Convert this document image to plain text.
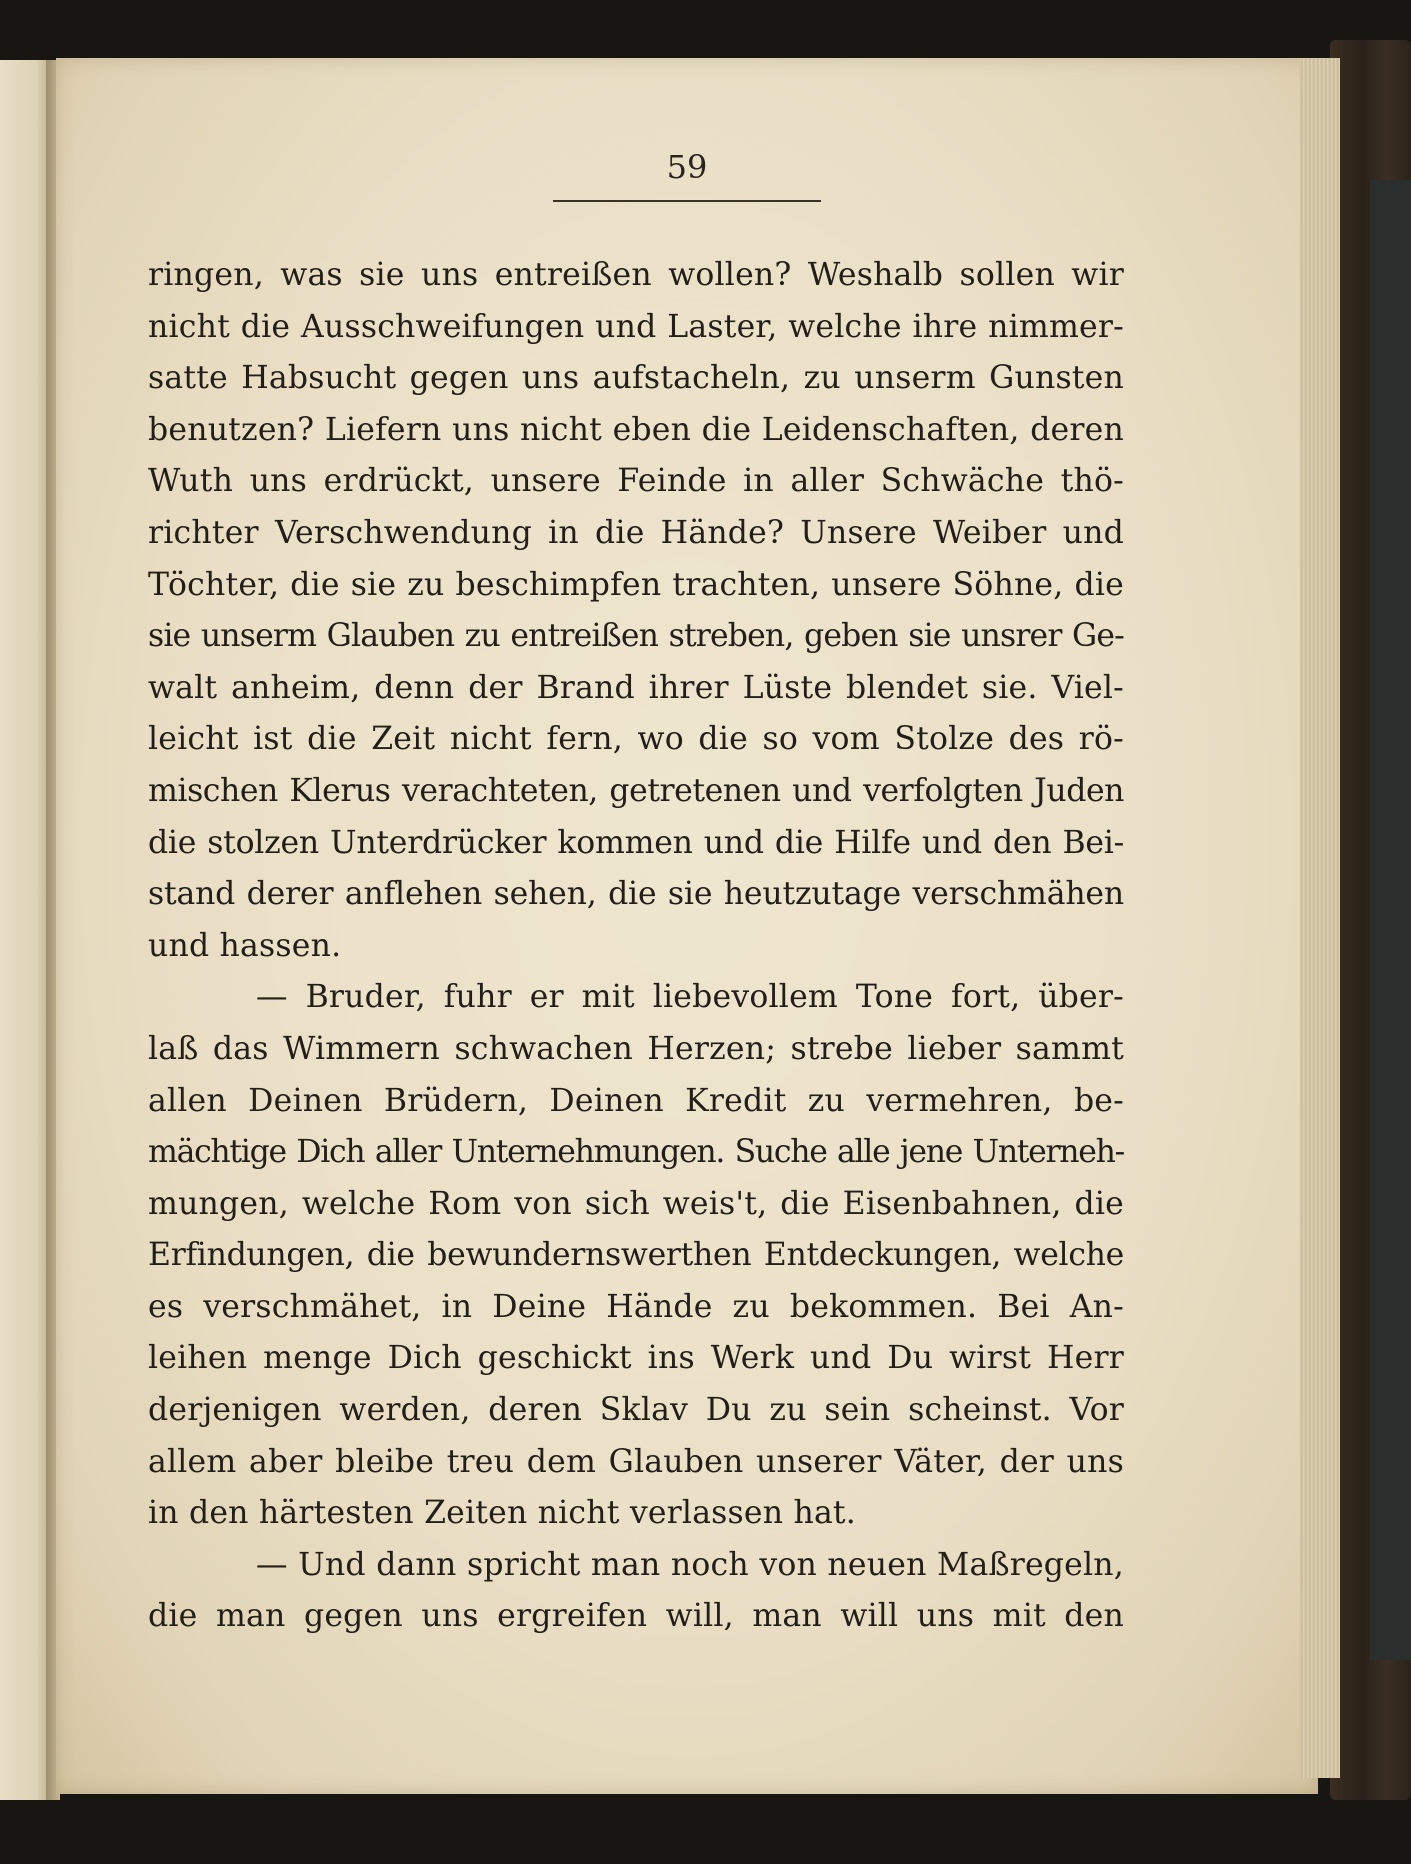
59
ringen, was sie uns entreißen wollen? Weshalb sollen wir
nicht die Ausschweifungen und Laster, welche ihre nimmer-
satte Habsucht gegen uns aufstacheln, zu unserm Gunsten
benutzen? Liefern uns nicht eben die Leidenschaften, deren
Wuth uns erdrückt, unsere Feinde in aller Schwäche thö-
richter Verschwendung in die Hände? Unsere Weiber und
Töchter, die sie zu beschimpfen trachten, unsere Söhne, die
sie unserm Glauben zu entreißen streben, geben sie unsrer Ge-
walt anheim, denn der Brand ihrer Lüste blendet sie. Viel-
leicht ist die Zeit nicht fern, wo die so vom Stolze des rö-
mischen Klerus verachteten, getretenen und verfolgten Juden
die stolzen Unterdrücker kommen und die Hilfe und den Bei-
stand derer anflehen sehen, die sie heutzutage verschmähen
und hassen.
— Bruder, fuhr er mit liebevollem Tone fort, über-
laß das Wimmern schwachen Herzen; strebe lieber sammt
allen Deinen Brüdern, Deinen Kredit zu vermehren, be-
mächtige Dich aller Unternehmungen. Suche alle jene Unterneh-
mungen, welche Rom von sich weis't, die Eisenbahnen, die
Erfindungen, die bewundernswerthen Entdeckungen, welche
es verschmähet, in Deine Hände zu bekommen. Bei An-
leihen menge Dich geschickt ins Werk und Du wirst Herr
derjenigen werden, deren Sklav Du zu sein scheinst. Vor
allem aber bleibe treu dem Glauben unserer Väter, der uns
in den härtesten Zeiten nicht verlassen hat.
— Und dann spricht man noch von neuen Maßregeln,
die man gegen uns ergreifen will, man will uns mit den
